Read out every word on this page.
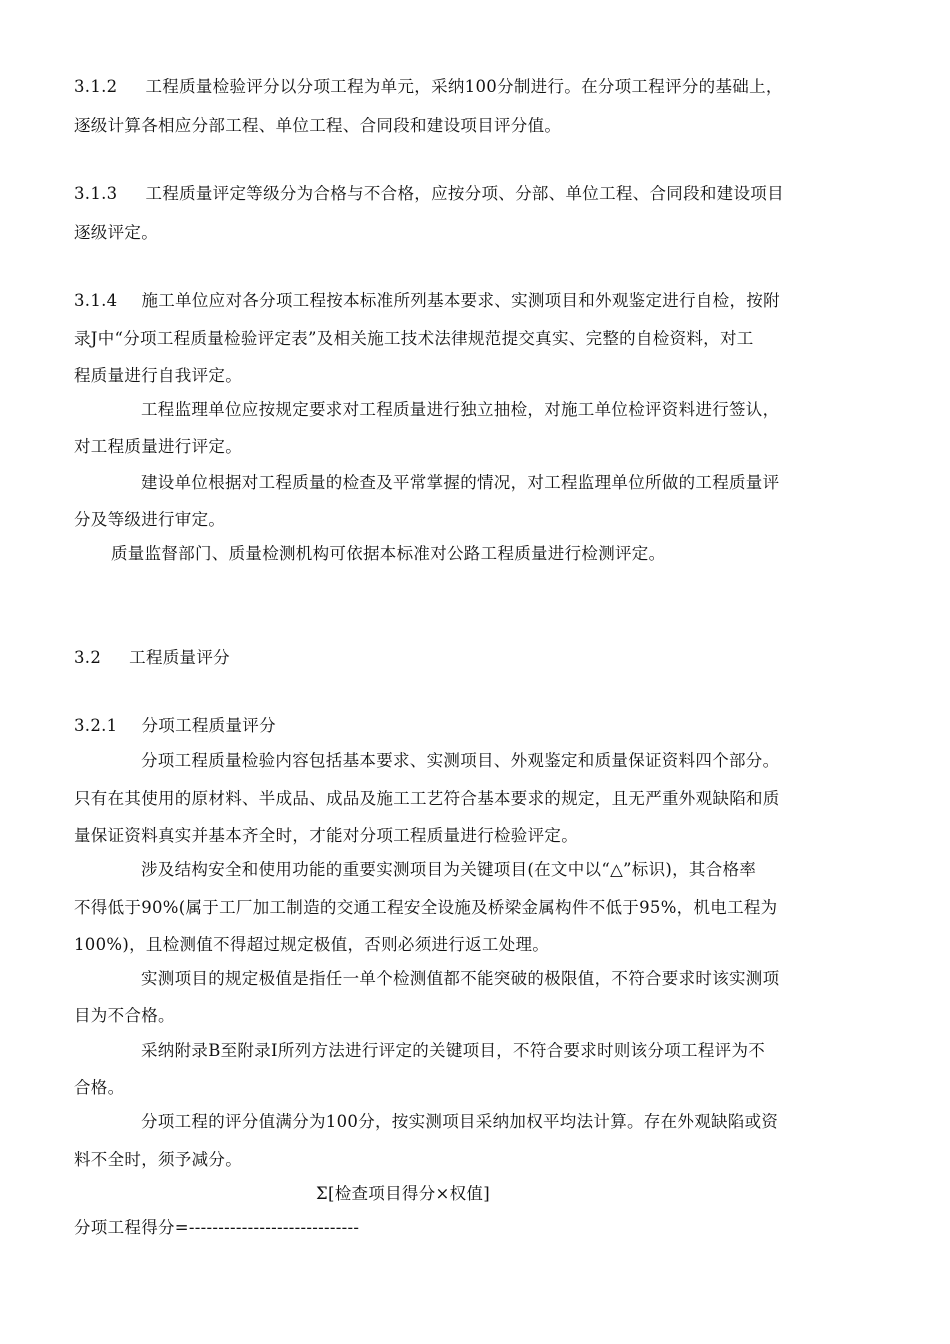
3.1.2 工程质量检验评分以分项工程为单元，采纳100分制进行。在分项工程评分的基础上，
逐级计算各相应分部工程、单位工程、合同段和建设项目评分值。
3.1.3 工程质量评定等级分为合格与不合格，应按分项、分部、单位工程、合同段和建设项目
逐级评定。
3.1.4 施工单位应对各分项工程按本标准所列基本要求、实测项目和外观鉴定进行自检，按附
录J中“分项工程质量检验评定表”及相关施工技术法律规范提交真实、完整的自检资料，对工
程质量进行自我评定。
工程监理单位应按规定要求对工程质量进行独立抽检，对施工单位检评资料进行签认，
对工程质量进行评定。
建设单位根据对工程质量的检查及平常掌握的情况，对工程监理单位所做的工程质量评
分及等级进行审定。
质量监督部门、质量检测机构可依据本标准对公路工程质量进行检测评定。
3.2 工程质量评分
3.2.1 分项工程质量评分
分项工程质量检验内容包括基本要求、实测项目、外观鉴定和质量保证资料四个部分。
只有在其使用的原材料、半成品、成品及施工工艺符合基本要求的规定，且无严重外观缺陷和质
量保证资料真实并基本齐全时，才能对分项工程质量进行检验评定。
涉及结构安全和使用功能的重要实测项目为关键项目(在文中以“△”标识)，其合格率
不得低于90%(属于工厂加工制造的交通工程安全设施及桥梁金属构件不低于95%，机电工程为
100%)，且检测值不得超过规定极值，否则必须进行返工处理。
实测项目的规定极值是指任一单个检测值都不能突破的极限值，不符合要求时该实测项
目为不合格。
采纳附录B至附录I所列方法进行评定的关键项目，不符合要求时则该分项工程评为不
合格。
分项工程的评分值满分为100分，按实测项目采纳加权平均法计算。存在外观缺陷或资
料不全时，须予减分。
Σ[检查项目得分×权值]
分项工程得分=-----------------------------
